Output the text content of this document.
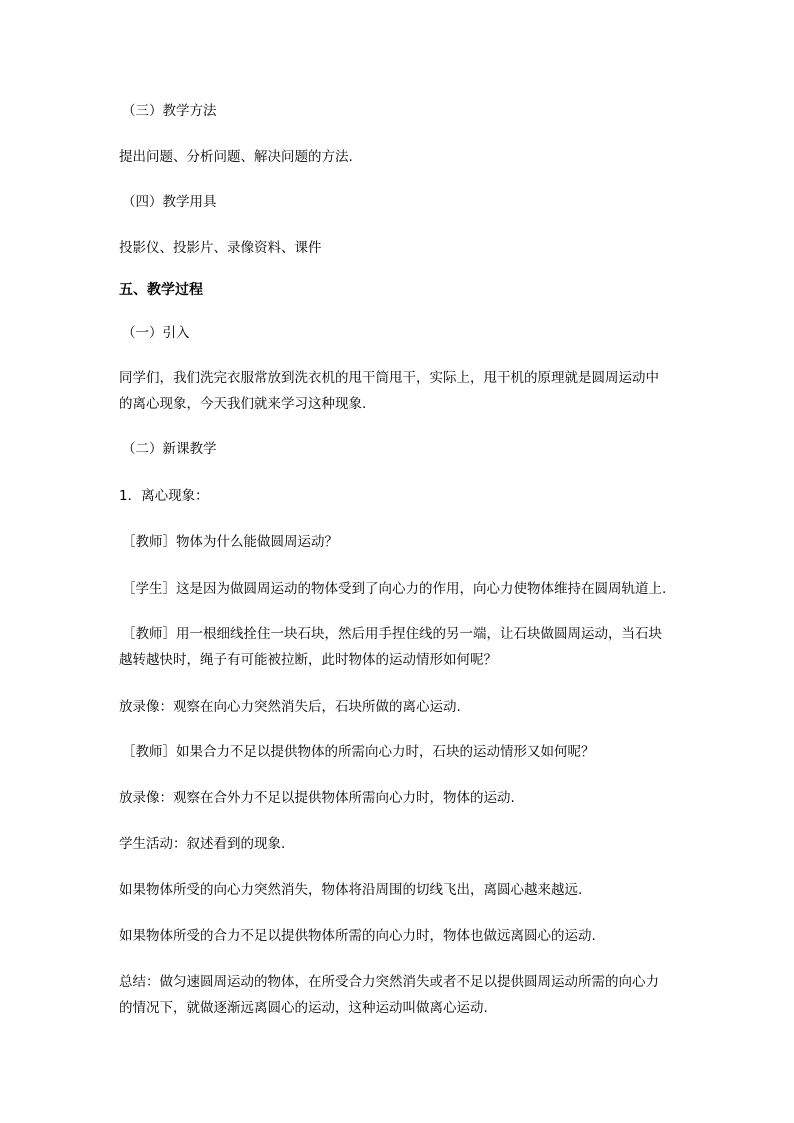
（三）教学方法
提出问题、分析问题、解决问题的方法.
（四）教学用具
投影仪、投影片、录像资料、课件
五、教学过程
（一）引入
同学们，我们洗完衣服常放到洗衣机的甩干筒甩干，实际上，甩干机的原理就是圆周运动中
的离心现象，今天我们就来学习这种现象.
（二）新课教学
1．离心现象：
［教师］物体为什么能做圆周运动？
［学生］这是因为做圆周运动的物体受到了向心力的作用，向心力使物体维持在圆周轨道上.
［教师］用一根细线拴住一块石块，然后用手捏住线的另一端，让石块做圆周运动，当石块
越转越快时，绳子有可能被拉断，此时物体的运动情形如何呢？
放录像：观察在向心力突然消失后，石块所做的离心运动.
［教师］如果合力不足以提供物体的所需向心力时，石块的运动情形又如何呢？
放录像：观察在合外力不足以提供物体所需向心力时，物体的运动.
学生活动：叙述看到的现象.
如果物体所受的向心力突然消失，物体将沿周围的切线飞出，离圆心越来越远.
如果物体所受的合力不足以提供物体所需的向心力时，物体也做远离圆心的运动.
总结：做匀速圆周运动的物体，在所受合力突然消失或者不足以提供圆周运动所需的向心力
的情况下，就做逐渐远离圆心的运动，这种运动叫做离心运动.
